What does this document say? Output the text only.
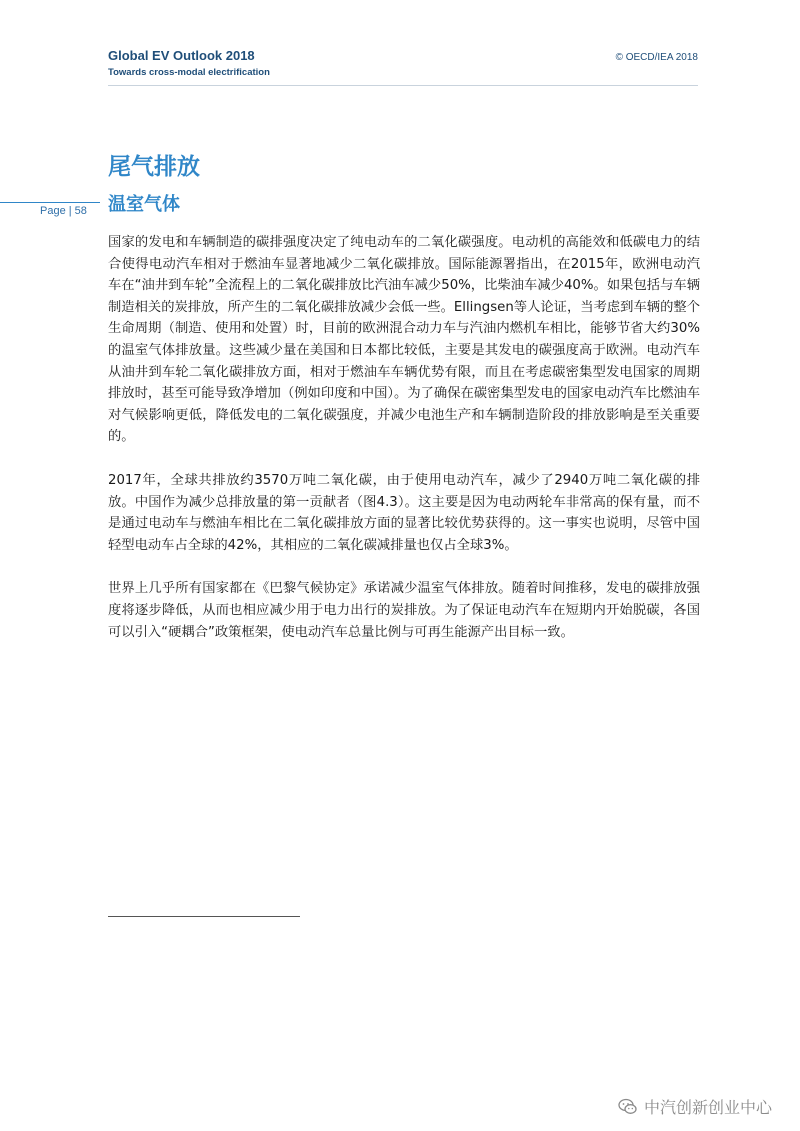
Global EV Outlook 2018
Towards cross-modal electrification
© OECD/IEA 2018
尾气排放
温室气体
Page | 58

国家的发电和车辆制造的碳排强度决定了纯电动车的二氧化碳强度。电动机的高能效和低碳电力的结合使得电动汽车相对于燃油车显著地减少二氧化碳排放。国际能源署指出，在2015年，欧洲电动汽车在“油井到车轮”全流程上的二氧化碳排放比汽油车减少50%，比柴油车减少40%。如果包括与车辆制造相关的炭排放，所产生的二氧化碳排放减少会低一些。Ellingsen等人论证，当考虑到车辆的整个生命周期（制造、使用和处置）时，目前的欧洲混合动力车与汽油内燃机车相比，能够节省大约30%的温室气体排放量。这些减少量在美国和日本都比较低，主要是其发电的碳强度高于欧洲。电动汽车从油井到车轮二氧化碳排放方面，相对于燃油车车辆优势有限，而且在考虑碳密集型发电国家的周期排放时，甚至可能导致净增加（例如印度和中国）。为了确保在碳密集型发电的国家电动汽车比燃油车对气候影响更低，降低发电的二氧化碳强度，并减少电池生产和车辆制造阶段的排放影响是至关重要的。

2017年，全球共排放约3570万吨二氧化碳，由于使用电动汽车，减少了2940万吨二氧化碳的排放。中国作为减少总排放量的第一贡献者（图4.3）。这主要是因为电动两轮车非常高的保有量，而不是通过电动车与燃油车相比在二氧化碳排放方面的显著比较优势获得的。这一事实也说明，尽管中国轻型电动车占全球的42%，其相应的二氧化碳减排量也仅占全球3%。

世界上几乎所有国家都在《巴黎气候协定》承诺减少温室气体排放。随着时间推移，发电的碳排放强度将逐步降低，从而也相应减少用于电力出行的炭排放。为了保证电动汽车在短期内开始脱碳，各国可以引入“硬耦合”政策框架，使电动汽车总量比例与可再生能源产出目标一致。

中汽创新创业中心
